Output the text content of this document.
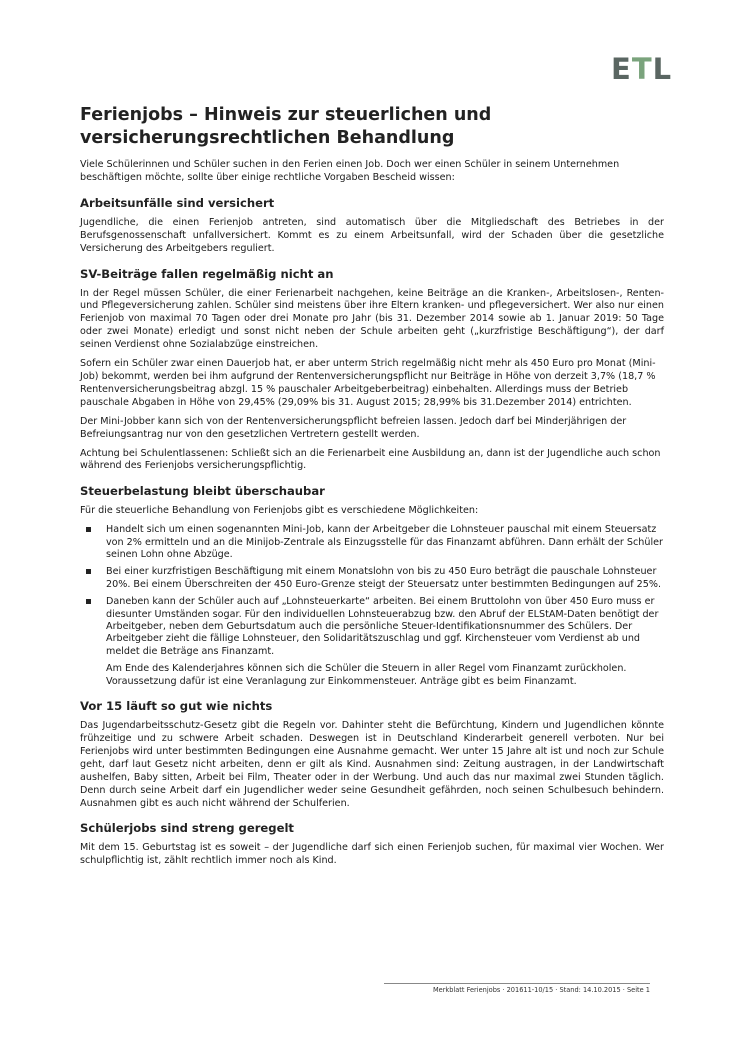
ETL
Ferienjobs – Hinweis zur steuerlichen und versicherungsrechtlichen Behandlung

Viele Schülerinnen und Schüler suchen in den Ferien einen Job. Doch wer einen Schüler in seinem Unternehmen beschäftigen möchte, sollte über einige rechtliche Vorgaben Bescheid wissen:

Arbeitsunfälle sind versichert

Jugendliche, die einen Ferienjob antreten, sind automatisch über die Mitgliedschaft des Betriebes in der Berufsgenossenschaft unfallversichert. Kommt es zu einem Arbeitsunfall, wird der Schaden über die gesetzliche Versicherung des Arbeitgebers reguliert.

SV-Beiträge fallen regelmäßig nicht an

In der Regel müssen Schüler, die einer Ferienarbeit nachgehen, keine Beiträge an die Kranken-, Arbeitslosen-, Renten- und Pflegeversicherung zahlen. Schüler sind meistens über ihre Eltern kranken- und pflegeversichert. Wer also nur einen Ferienjob von maximal 70 Tagen oder drei Monate pro Jahr (bis 31. Dezember 2014 sowie ab 1. Januar 2019: 50 Tage oder zwei Monate) erledigt und sonst nicht neben der Schule arbeiten geht („kurzfristige Beschäftigung“), der darf seinen Verdienst ohne Sozialabzüge einstreichen.

Sofern ein Schüler zwar einen Dauerjob hat, er aber unterm Strich regelmäßig nicht mehr als 450 Euro pro Monat (Mini-Job) bekommt, werden bei ihm aufgrund der Rentenversicherungspflicht nur Beiträge in Höhe von derzeit 3,7% (18,7 % Rentenversicherungsbeitrag abzgl. 15 % pauschaler Arbeitgeberbeitrag) einbehalten. Allerdings muss der Betrieb pauschale Abgaben in Höhe von 29,45% (29,09% bis 31. August 2015; 28,99% bis 31.Dezember 2014) entrichten.

Der Mini-Jobber kann sich von der Rentenversicherungspflicht befreien lassen. Jedoch darf bei Minderjährigen der Befreiungsantrag nur von den gesetzlichen Vertretern gestellt werden.

Achtung bei Schulentlassenen: Schließt sich an die Ferienarbeit eine Ausbildung an, dann ist der Jugendliche auch schon während des Ferienjobs versicherungspflichtig.

Steuerbelastung bleibt überschaubar

Für die steuerliche Behandlung von Ferienjobs gibt es verschiedene Möglichkeiten:

Handelt sich um einen sogenannten Mini-Job, kann der Arbeitgeber die Lohnsteuer pauschal mit einem Steuersatz von 2% ermitteln und an die Minijob-Zentrale als Einzugsstelle für das Finanzamt abführen. Dann erhält der Schüler seinen Lohn ohne Abzüge.
Bei einer kurzfristigen Beschäftigung mit einem Monatslohn von bis zu 450 Euro beträgt die pauschale Lohnsteuer 20%. Bei einem Überschreiten der 450 Euro-Grenze steigt der Steuersatz unter bestimmten Bedingungen auf 25%.
Daneben kann der Schüler auch auf „Lohnsteuerkarte“ arbeiten. Bei einem Bruttolohn von über 450 Euro muss er diesunter Umständen sogar. Für den individuellen Lohnsteuerabzug bzw. den Abruf der ELStAM-Daten benötigt der Arbeitgeber, neben dem Geburtsdatum auch die persönliche Steuer-Identifikationsnummer des Schülers. Der Arbeitgeber zieht die fällige Lohnsteuer, den Solidaritätszuschlag und ggf. Kirchensteuer vom Verdienst ab und meldet die Beträge ans Finanzamt.
Am Ende des Kalenderjahres können sich die Schüler die Steuern in aller Regel vom Finanzamt zurückholen. Voraussetzung dafür ist eine Veranlagung zur Einkommensteuer. Anträge gibt es beim Finanzamt.
Vor 15 läuft so gut wie nichts

Das Jugendarbeitsschutz-Gesetz gibt die Regeln vor. Dahinter steht die Befürchtung, Kindern und Jugendlichen könnte frühzeitige und zu schwere Arbeit schaden. Deswegen ist in Deutschland Kinderarbeit generell verboten. Nur bei Ferienjobs wird unter bestimmten Bedingungen eine Ausnahme gemacht. Wer unter 15 Jahre alt ist und noch zur Schule geht, darf laut Gesetz nicht arbeiten, denn er gilt als Kind. Ausnahmen sind: Zeitung austragen, in der Landwirtschaft aushelfen, Baby sitten, Arbeit bei Film, Theater oder in der Werbung. Und auch das nur maximal zwei Stunden täglich. Denn durch seine Arbeit darf ein Jugendlicher weder seine Gesundheit gefährden, noch seinen Schulbesuch behindern. Ausnahmen gibt es auch nicht während der Schulferien.

Schülerjobs sind streng geregelt

Mit dem 15. Geburtstag ist es soweit – der Jugendliche darf sich einen Ferienjob suchen, für maximal vier Wochen. Wer schulpflichtig ist, zählt rechtlich immer noch als Kind.

Merkblatt Ferienjobs · 201611-10/15 · Stand: 14.10.2015 · Seite 1
